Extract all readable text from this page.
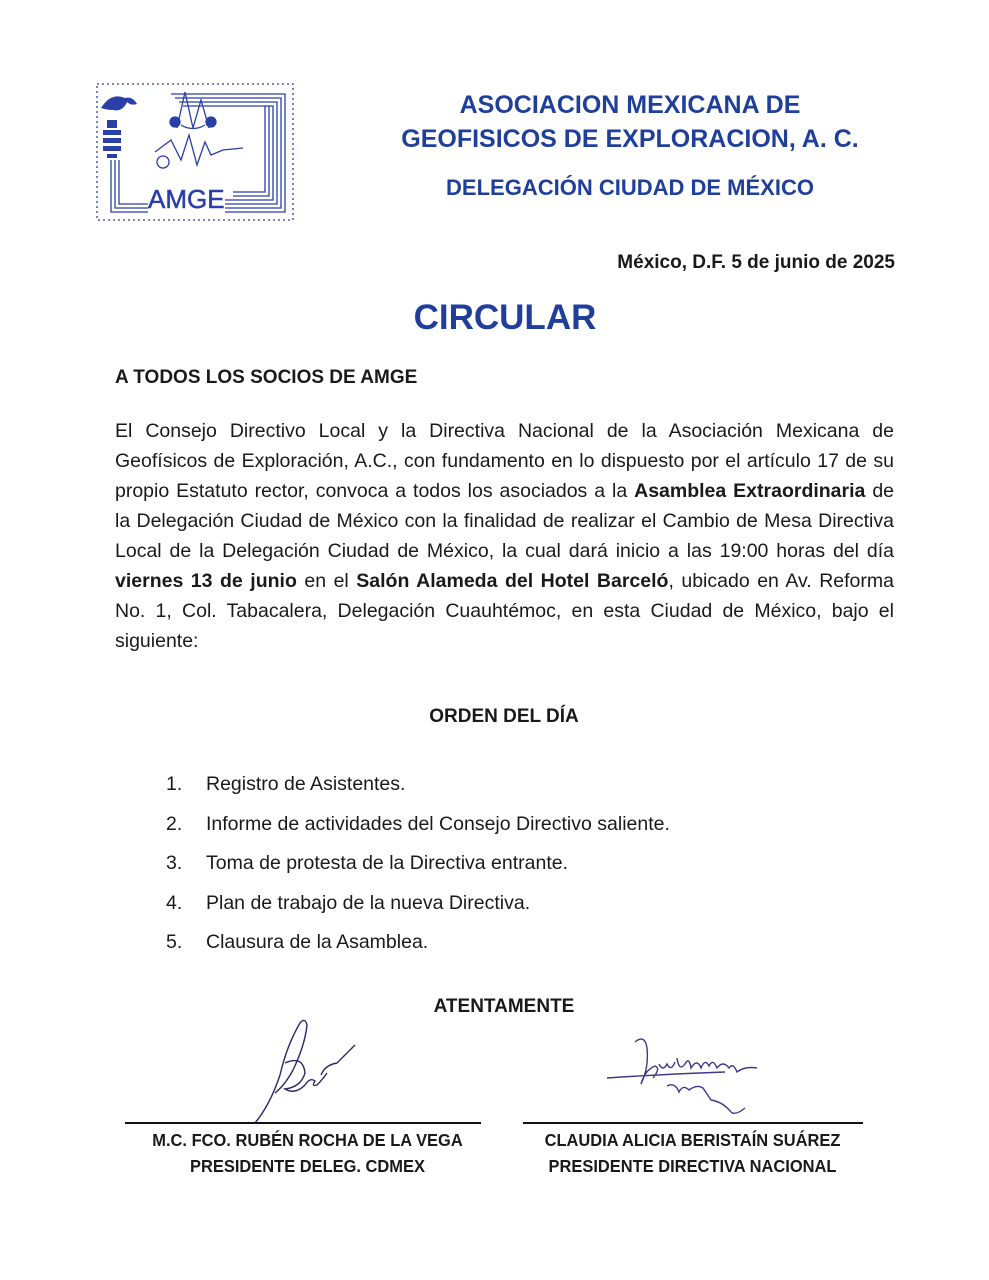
AMGE
ASOCIACION MEXICANA DE
GEOFISICOS DE EXPLORACION, A. C.
DELEGACIÓN CIUDAD DE MÉXICO
México, D.F. 5 de junio de 2025
CIRCULAR
A TODOS LOS SOCIOS DE AMGE

El Consejo Directivo Local y la Directiva Nacional de la Asociación Mexicana de Geofísicos de Exploración, A.C., con fundamento en lo dispuesto por el artículo 17 de su propio Estatuto rector, convoca a todos los asociados a la Asamblea Extraordinaria de la Delegación Ciudad de México con la finalidad de realizar el Cambio de Mesa Directiva Local de la Delegación Ciudad de México, la cual dará inicio a las 19:00 horas del día viernes 13 de junio en el Salón Alameda del Hotel Barceló, ubicado en Av. Reforma No. 1, Col. Tabacalera, Delegación Cuauhtémoc, en esta Ciudad de México, bajo el siguiente:

ORDEN DEL DÍA
1.	Registro de Asistentes.
2.	Informe de actividades del Consejo Directivo saliente.
3.	Toma de protesta de la Directiva entrante.
4.	Plan de trabajo de la nueva Directiva.
5.	Clausura de la Asamblea.
ATENTAMENTE
M.C. FCO. RUBÉN ROCHA DE LA VEGA
PRESIDENTE DELEG. CDMEX
CLAUDIA ALICIA BERISTAÍN SUÁREZ
PRESIDENTE DIRECTIVA NACIONAL
